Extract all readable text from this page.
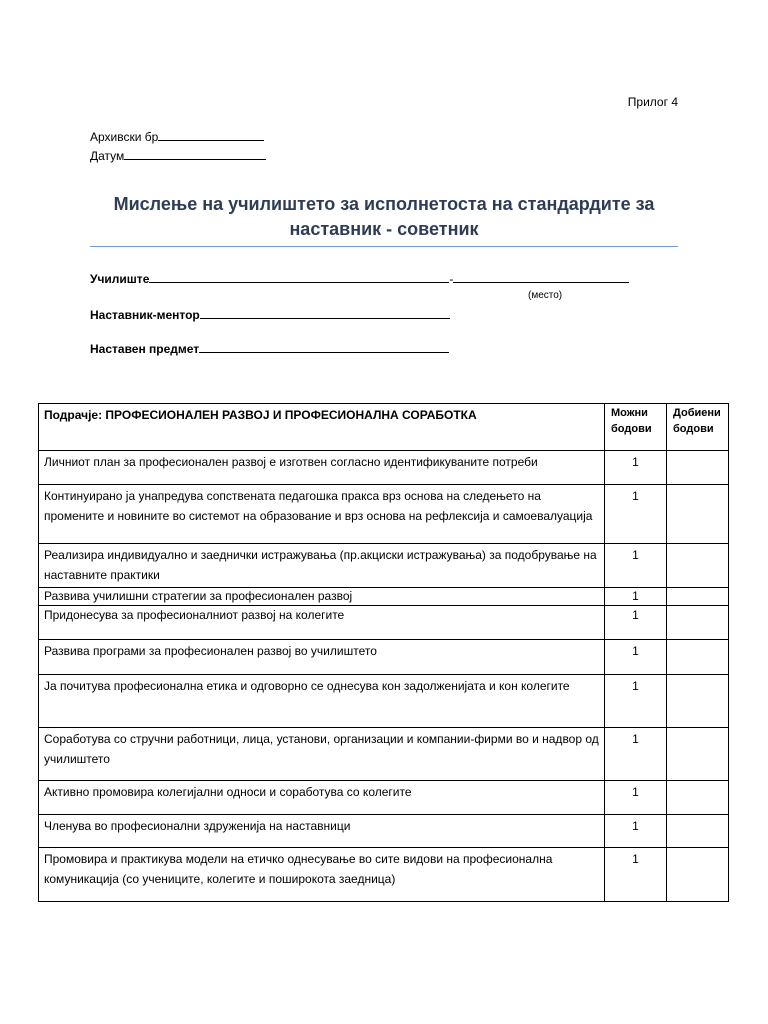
Прилог 4
Архивски бр
Датум
Мислење на училиштето за исполнетоста на стандардите за
наставник - советник
Училиште	-
(место)
Наставник-ментор
Наставен предмет
Подрачје: ПРОФЕСИОНАЛЕН РАЗВОЈ И ПРОФЕСИОНАЛНА СОРАБОТКА	Можни бодови	Добиени бодови
Личниот план за професионален развој е изготвен согласно идентификуваните потреби	1	
Континуирано ја унапредува сопствената педагошка пракса врз основа на следењето на промените и новините во системот на образование и врз основа на рефлексија и самоевалуација	1	
Реализира индивидуално и заеднички истражувања (пр.акциски истражувања) за подобрување на наставните практики	1	
Развива училишни стратегии за професионален развој	1	
Придонесува за професионалниот развој на колегите	1	
Развива програми за професионален развој во училиштето	1	
Ја почитува професионална етика и одговорно се однесува кон задолженијата и кон колегите	1	
Соработува со стручни работници, лица, установи, организации и компании-фирми во и надвор од училиштето	1	
Активно промовира колегијални односи и соработува со колегите	1	
Членува во професионални здруженија на наставници	1	
Промовира и практикува модели на етичко однесување во сите видови на професионална комуникација (со учениците, колегите и поширокота заедница)	1	
